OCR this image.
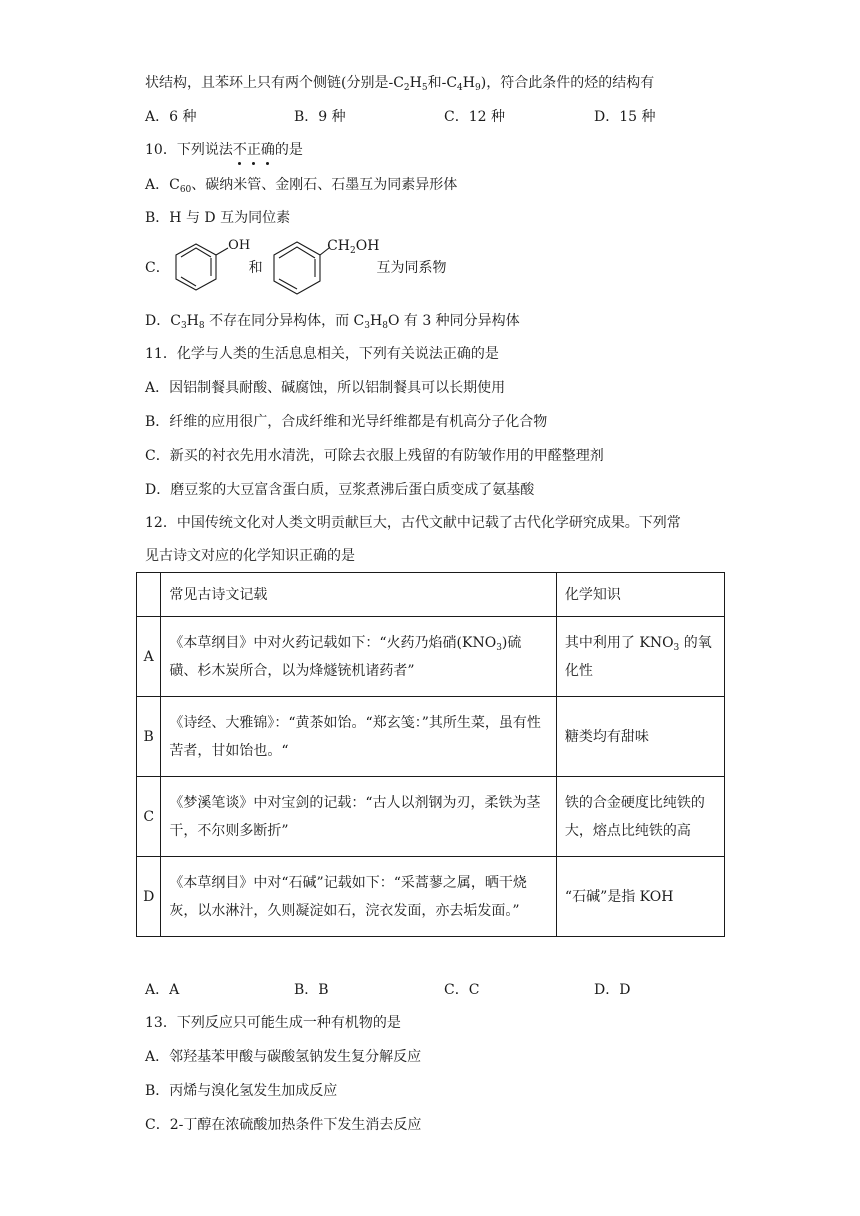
状结构，且苯环上只有两个侧链(分别是$-C_2H_5$和$-C_4H_9$)，符合此条件的烃的结构有
A．6 种	B．9 种	C．12 种	D．15 种
10．下列说法不正确的是
A．$C_{60}$、碳纳米管、金刚石、石墨互为同素异形体
B．H 与 D 互为同位素
C．
OH
和
$CH_2OH$
互为同系物
D．$C_3H_8$ 不存在同分异构体，而 $C_3H_8O$ 有 3 种同分异构体
11．化学与人类的生活息息相关，下列有关说法正确的是
A．因铝制餐具耐酸、碱腐蚀，所以铝制餐具可以长期使用
B．纤维的应用很广，合成纤维和光导纤维都是有机高分子化合物
C．新买的衬衣先用水清洗，可除去衣服上残留的有防皱作用的甲醛整理剂
D．磨豆浆的大豆富含蛋白质，豆浆煮沸后蛋白质变成了氨基酸
12．中国传统文化对人类文明贡献巨大，古代文献中记载了古代化学研究成果。下列常
见古诗文对应的化学知识正确的是
	常见古诗文记载	化学知识
A	《本草纲目》中对火药记载如下：“火药乃焰硝$(KNO_3)$硫磺、杉木炭所合，以为烽燧铳机诸药者”	其中利用了 $KNO_3$ 的氧化性
B	《诗经、大雅锦》：“黄茶如饴。“郑玄笺：”其所生菜，虽有性苦者，甘如饴也。“	糖类均有甜味
C	《梦溪笔谈》中对宝剑的记载：“古人以剂钢为刃，柔铁为茎干，不尔则多断折”	铁的合金硬度比纯铁的大，熔点比纯铁的高
D	《本草纲目》中对“石碱”记载如下：“采蒿蓼之属，晒干烧灰，以水淋汁，久则凝淀如石，浣衣发面，亦去垢发面。”	“石碱”是指 KOH
A．A	B．B	C．C	D．D
13．下列反应只可能生成一种有机物的是
A．邻羟基苯甲酸与碳酸氢钠发生复分解反应
B．丙烯与溴化氢发生加成反应
C．2-丁醇在浓硫酸加热条件下发生消去反应
